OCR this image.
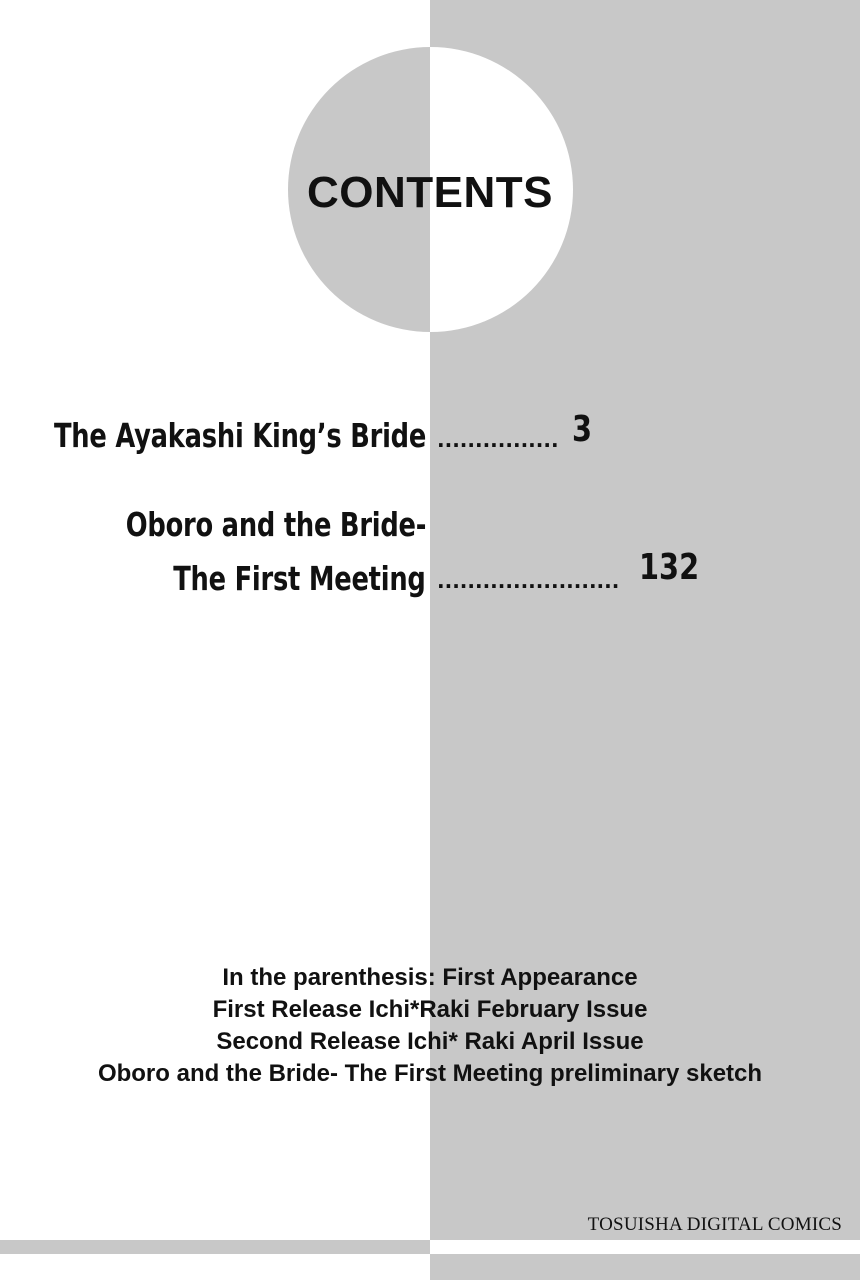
CONTENTS
The Ayakashi King’s Bride ................ 3
Oboro and the Bride-
The First Meeting ........................ 132
In the parenthesis: First Appearance
First Release Ichi*Raki February Issue
Second Release Ichi* Raki April Issue
Oboro and the Bride- The First Meeting preliminary sketch
TOSUISHA DIGITAL COMICS
